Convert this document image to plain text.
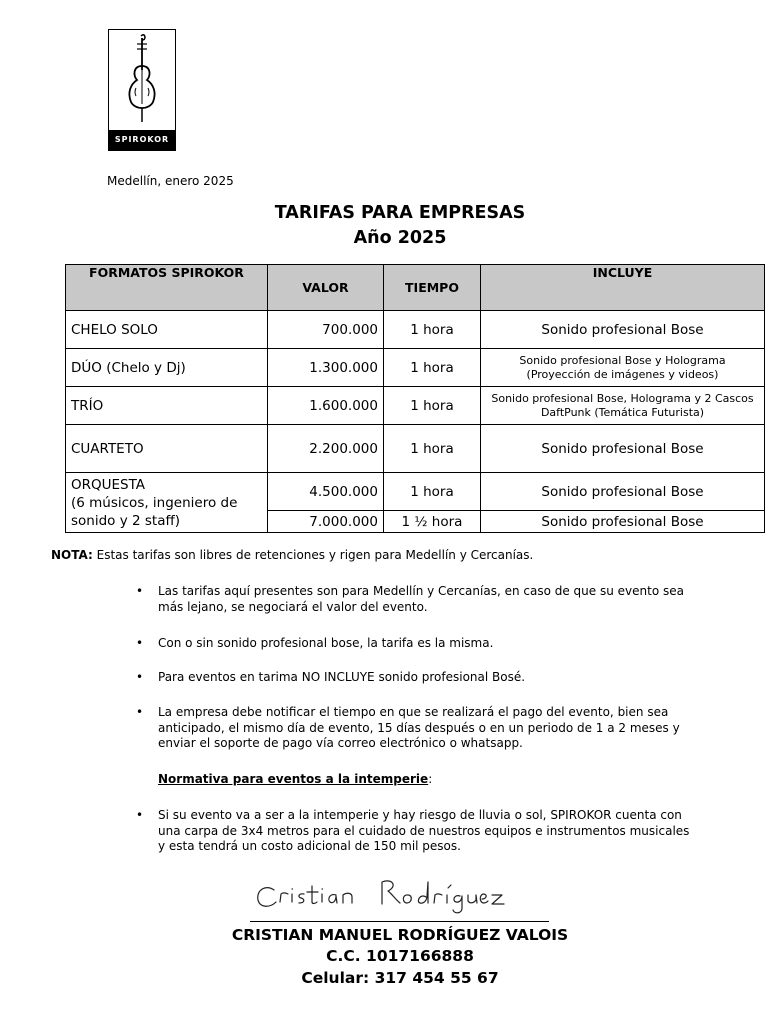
SPIROKOR
Medellín, enero 2025
TARIFAS PARA EMPRESAS
Año 2025
FORMATOS SPIROKOR	VALOR	TIEMPO	INCLUYE
CHELO SOLO	700.000	1 hora	Sonido profesional Bose
DÚO (Chelo y Dj)	1.300.000	1 hora	Sonido profesional Bose y Holograma (Proyección de imágenes y videos)
TRÍO	1.600.000	1 hora	Sonido profesional Bose, Holograma y 2 Cascos DaftPunk (Temática Futurista)
CUARTETO	2.200.000	1 hora	Sonido profesional Bose
ORQUESTA
(6 músicos, ingeniero de sonido y 2 staff)	4.500.000	1 hora	Sonido profesional Bose
	7.000.000	1 ½ hora	Sonido profesional Bose
NOTA: Estas tarifas son libres de retenciones y rigen para Medellín y Cercanías.
• Las tarifas aquí presentes son para Medellín y Cercanías, en caso de que su evento sea más lejano, se negociará el valor del evento.
• Con o sin sonido profesional bose, la tarifa es la misma.
• Para eventos en tarima NO INCLUYE sonido profesional Bosé.
• La empresa debe notificar el tiempo en que se realizará el pago del evento, bien sea anticipado, el mismo día de evento, 15 días después o en un periodo de 1 a 2 meses y enviar el soporte de pago vía correo electrónico o whatsapp.
Normativa para eventos a la intemperie:
• Si su evento va a ser a la intemperie y hay riesgo de lluvia o sol, SPIROKOR cuenta con una carpa de 3x4 metros para el cuidado de nuestros equipos e instrumentos musicales y esta tendrá un costo adicional de 150 mil pesos.
CRISTIAN MANUEL RODRÍGUEZ VALOIS
C.C. 1017166888
Celular: 317 454 55 67
